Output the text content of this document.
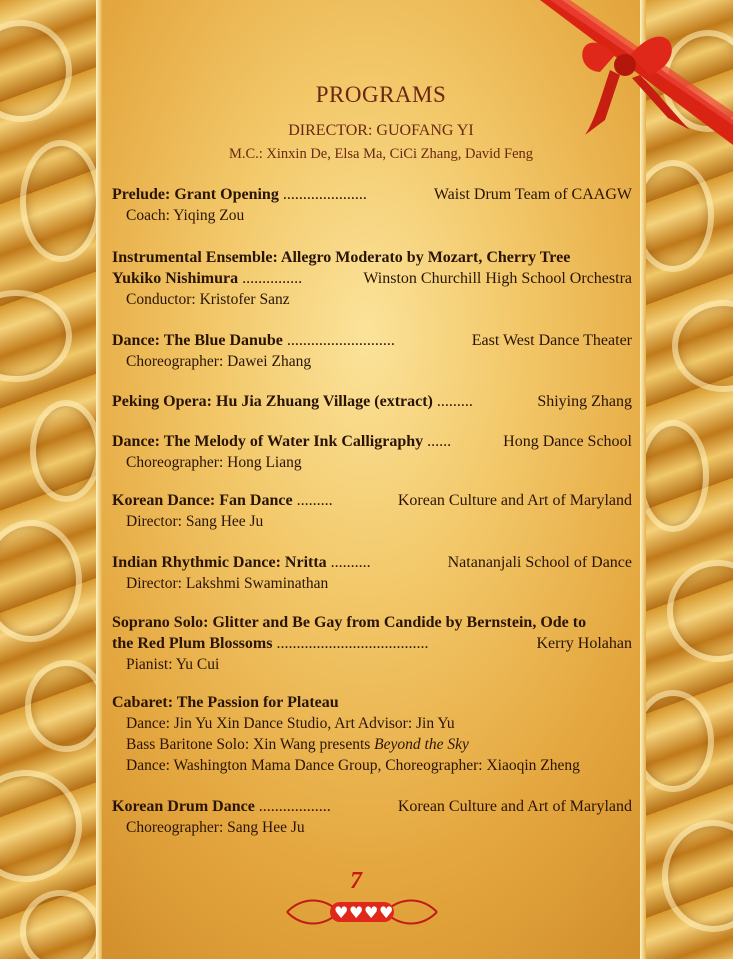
PROGRAMS
DIRECTOR: GUOFANG YI
M.C.: Xinxin De, Elsa Ma, CiCi Zhang, David Feng
Prelude: Grant Opening .....................	Waist Drum Team of CAAGW
Coach: Yiqing Zou
Instrumental Ensemble: Allegro Moderato by Mozart, Cherry Tree
Yukiko Nishimura ...............	Winston Churchill High School Orchestra
Conductor: Kristofer Sanz
Dance: The Blue Danube ...........................	East West Dance Theater
Choreographer: Dawei Zhang
Peking Opera: Hu Jia Zhuang Village (extract) .........	Shiying Zhang
Dance: The Melody of Water Ink Calligraphy ......	Hong Dance School
Choreographer: Hong Liang
Korean Dance: Fan Dance .........	Korean Culture and Art of Maryland
Director: Sang Hee Ju
Indian Rhythmic Dance: Nritta ..........	Natananjali School of Dance
Director: Lakshmi Swaminathan
Soprano Solo: Glitter and Be Gay from Candide by Bernstein, Ode to
the Red Plum Blossoms ......................................	Kerry Holahan
Pianist: Yu Cui
Cabaret: The Passion for Plateau
Dance: Jin Yu Xin Dance Studio, Art Advisor: Jin Yu
Bass Baritone Solo: Xin Wang presents Beyond the Sky
Dance: Washington Mama Dance Group, Choreographer: Xiaoqin Zheng
Korean Drum Dance ..................	Korean Culture and Art of Maryland
Choreographer: Sang Hee Ju
7
♥ ♥ ♥ ♥
